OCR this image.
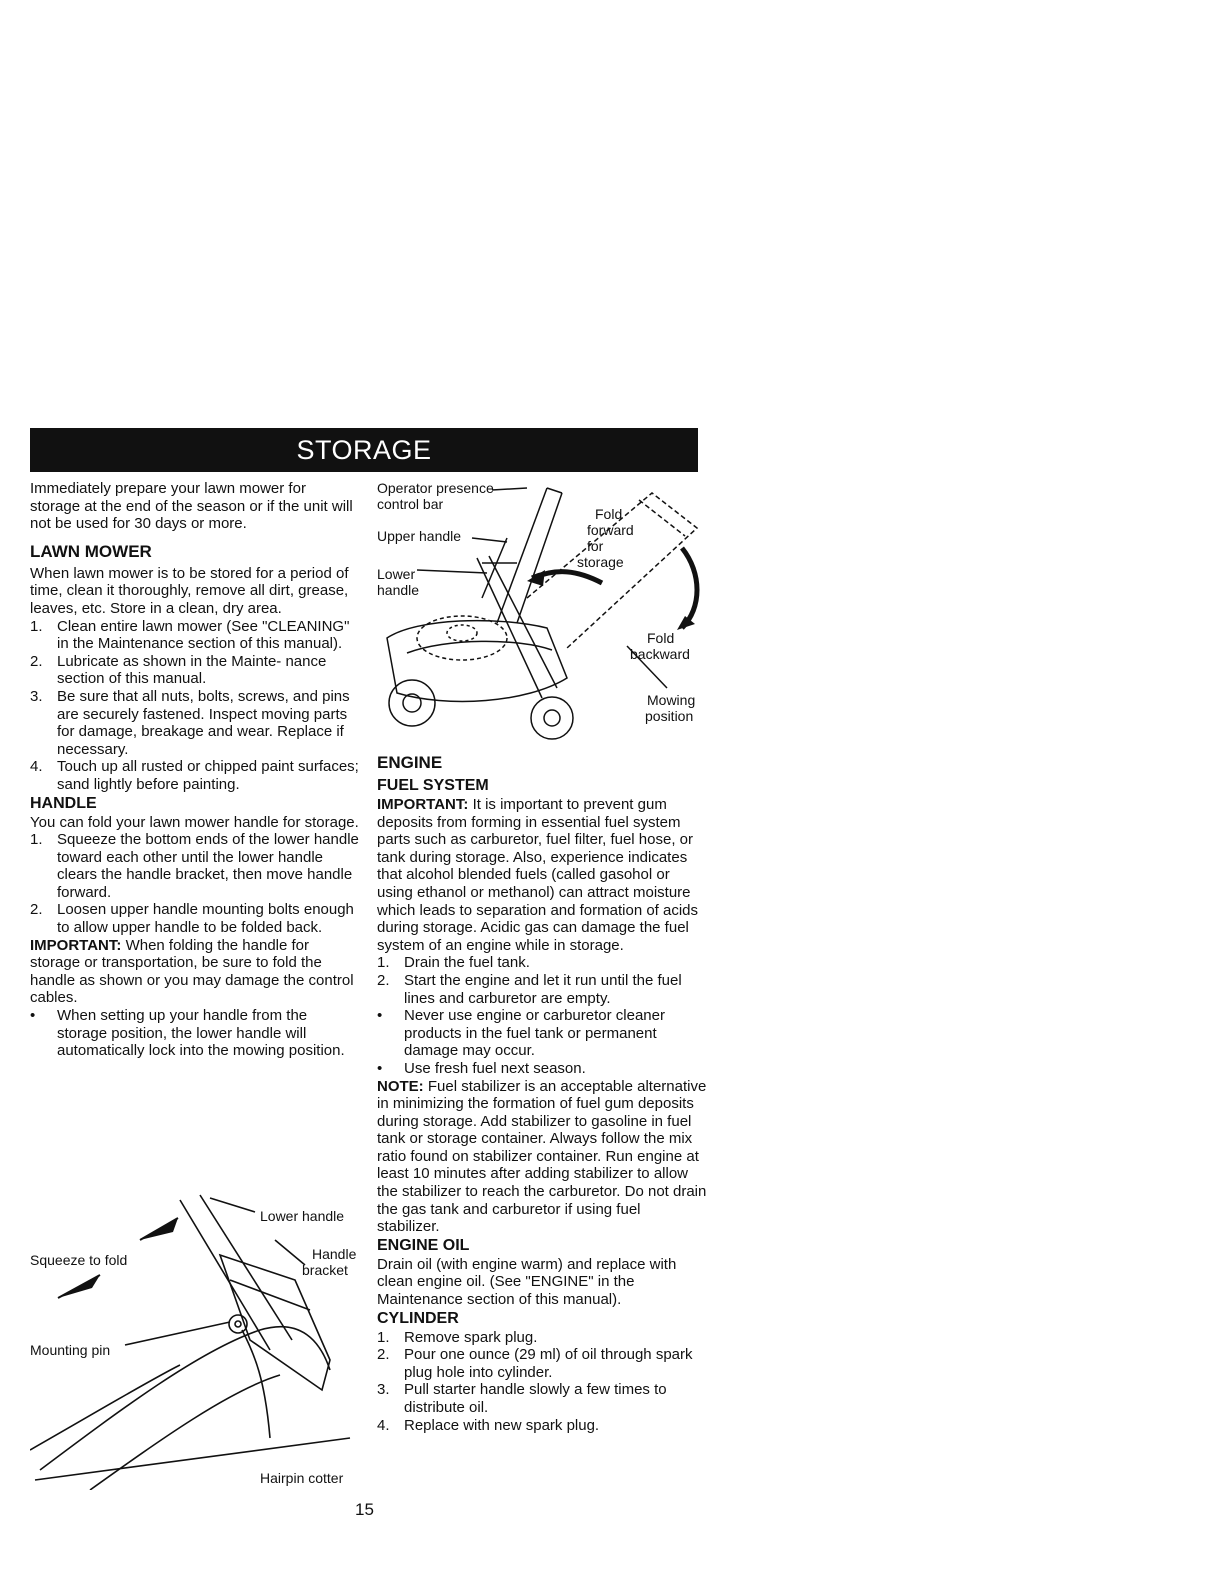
STORAGE

Immediately prepare your lawn mower for storage at the end of the season or if the unit will not be used for 30 days or more.

LAWN MOWER

When lawn mower is to be stored for a period of time, clean it thoroughly, remove all dirt, grease, leaves, etc. Store in a clean, dry area.

1. Clean entire lawn mower (See "CLEANING" in the Maintenance section of this manual).
2. Lubricate as shown in the Mainte- nance section of this manual.
3. Be sure that all nuts, bolts, screws, and pins are securely fastened. Inspect moving parts for damage, breakage and wear. Replace if necessary.
4. Touch up all rusted or chipped paint surfaces; sand lightly before painting.
HANDLE

You can fold your lawn mower handle for storage.

1. Squeeze the bottom ends of the lower handle toward each other until the lower handle clears the handle bracket, then move handle forward.
2. Loosen upper handle mounting bolts enough to allow upper handle to be folded back.

IMPORTANT: When folding the handle for storage or transportation, be sure to fold the handle as shown or you may damage the control cables.

•	When setting up your handle from the storage position, the lower handle will automatically lock into the mowing position.
Lower handle
Squeeze to fold	Handle
bracket
Mounting pin
Hairpin cotter
Operator presence
control bar
Upper handle
Lower
handle
Fold
forward
for
storage
Fold
backward
Mowing
position
ENGINE
FUEL SYSTEM

IMPORTANT: It is important to prevent gum deposits from forming in essential fuel system parts such as carburetor, fuel filter, fuel hose, or tank during storage. Also, experience indicates that alcohol blended fuels (called gasohol or using ethanol or methanol) can attract moisture which leads to separation and formation of acids during storage. Acidic gas can damage the fuel system of an engine while in storage.

1. Drain the fuel tank.
2. Start the engine and let it run until the fuel lines and carburetor are empty.
•	Never use engine or carburetor cleaner products in the fuel tank or permanent damage may occur.
•	Use fresh fuel next season.

NOTE: Fuel stabilizer is an acceptable alternative in minimizing the formation of fuel gum deposits during storage. Add stabilizer to gasoline in fuel tank or storage container. Always follow the mix ratio found on stabilizer container. Run engine at least 10 minutes after adding stabilizer to allow the stabilizer to reach the carburetor. Do not drain the gas tank and carburetor if using fuel stabilizer.

ENGINE OIL

Drain oil (with engine warm) and replace with clean engine oil. (See "ENGINE" in the Maintenance section of this manual).

CYLINDER
1. Remove spark plug.
2. Pour one ounce (29 ml) of oil through spark plug hole into cylinder.
3. Pull starter handle slowly a few times to distribute oil.
4. Replace with new spark plug.
15
